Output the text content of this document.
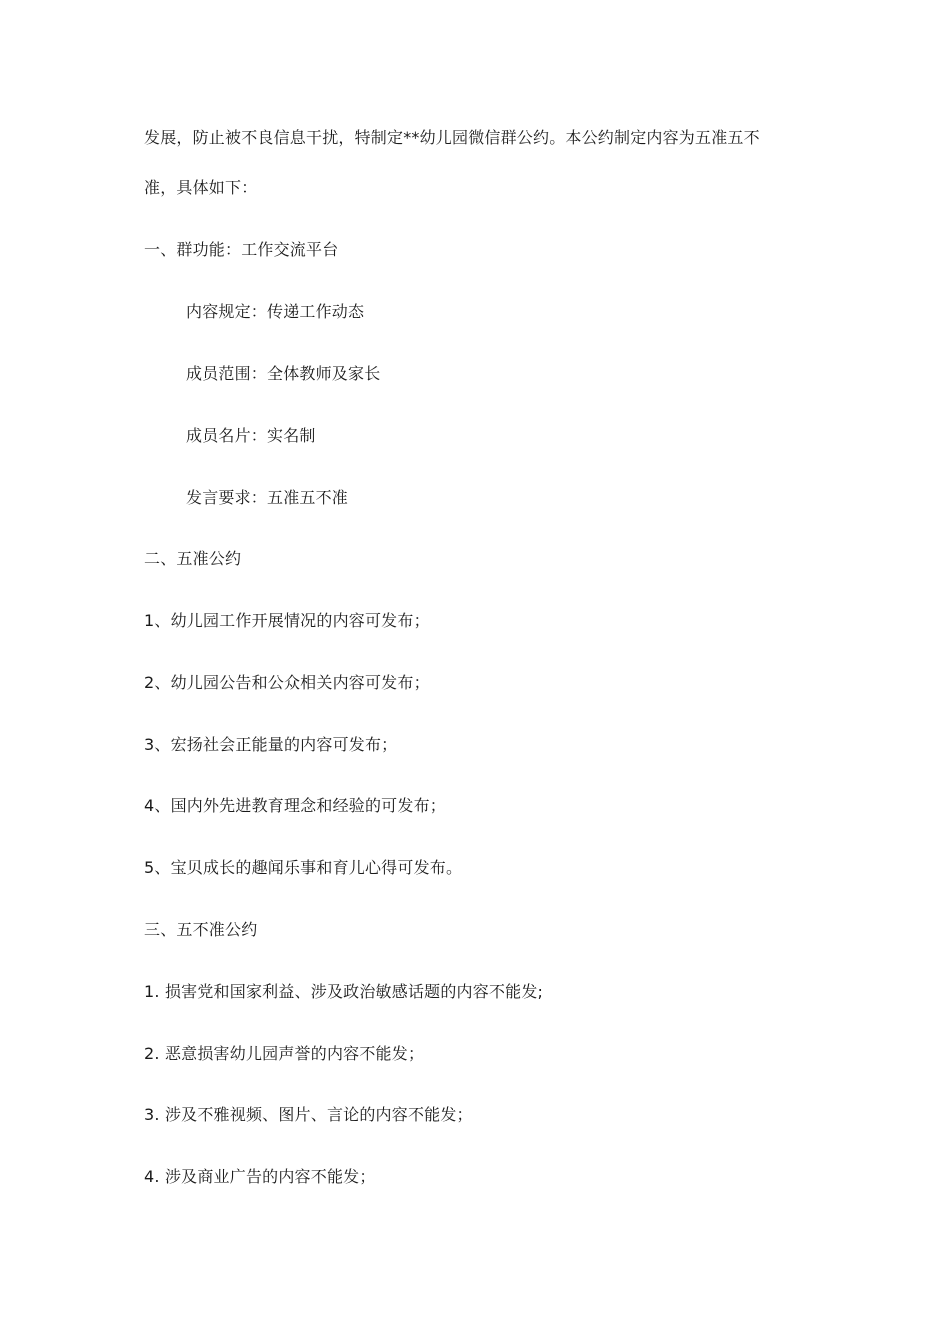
发展，防止被不良信息干扰，特制定**幼儿园微信群公约。本公约制定内容为五准五不
准，具体如下：
一、群功能：工作交流平台
内容规定：传递工作动态
成员范围：全体教师及家长
成员名片：实名制
发言要求：五准五不准
二、五准公约
1、幼儿园工作开展情况的内容可发布；
2、幼儿园公告和公众相关内容可发布；
3、宏扬社会正能量的内容可发布；
4、国内外先进教育理念和经验的可发布；
5、宝贝成长的趣闻乐事和育儿心得可发布。
三、五不准公约
1. 损害党和国家利益、涉及政治敏感话题的内容不能发;
2. 恶意损害幼儿园声誉的内容不能发；
3. 涉及不雅视频、图片、言论的内容不能发；
4. 涉及商业广告的内容不能发；
